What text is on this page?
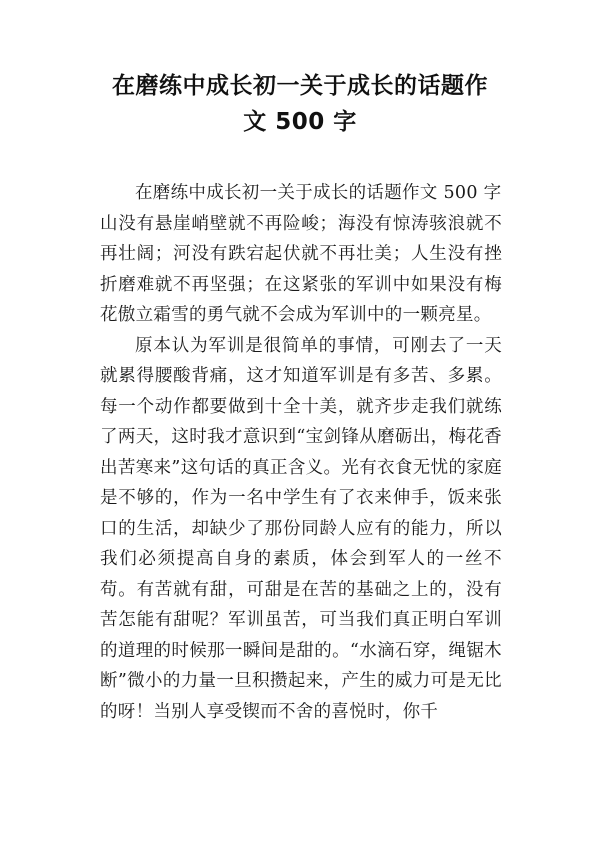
在磨练中成长初一关于成长的话题作
文 500 字

在磨练中成长初一关于成长的话题作文 500 字

山没有悬崖峭壁就不再险峻；海没有惊涛骇浪就不再壮阔；河没有跌宕起伏就不再壮美；人生没有挫折磨难就不再坚强；在这紧张的军训中如果没有梅花傲立霜雪的勇气就不会成为军训中的一颗亮星。

原本认为军训是很简单的事情，可刚去了一天就累得腰酸背痛，这才知道军训是有多苦、多累。每一个动作都要做到十全十美，就齐步走我们就练了两天，这时我才意识到“宝剑锋从磨砺出，梅花香出苦寒来”这句话的真正含义。光有衣食无忧的家庭是不够的，作为一名中学生有了衣来伸手，饭来张口的生活，却缺少了那份同龄人应有的能力，所以我们必须提高自身的素质，体会到军人的一丝不苟。有苦就有甜，可甜是在苦的基础之上的，没有苦怎能有甜呢？军训虽苦，可当我们真正明白军训的道理的时候那一瞬间是甜的。“水滴石穿，绳锯木断”微小的力量一旦积攒起来，产生的威力可是无比的呀！当别人享受锲而不舍的喜悦时，你千
